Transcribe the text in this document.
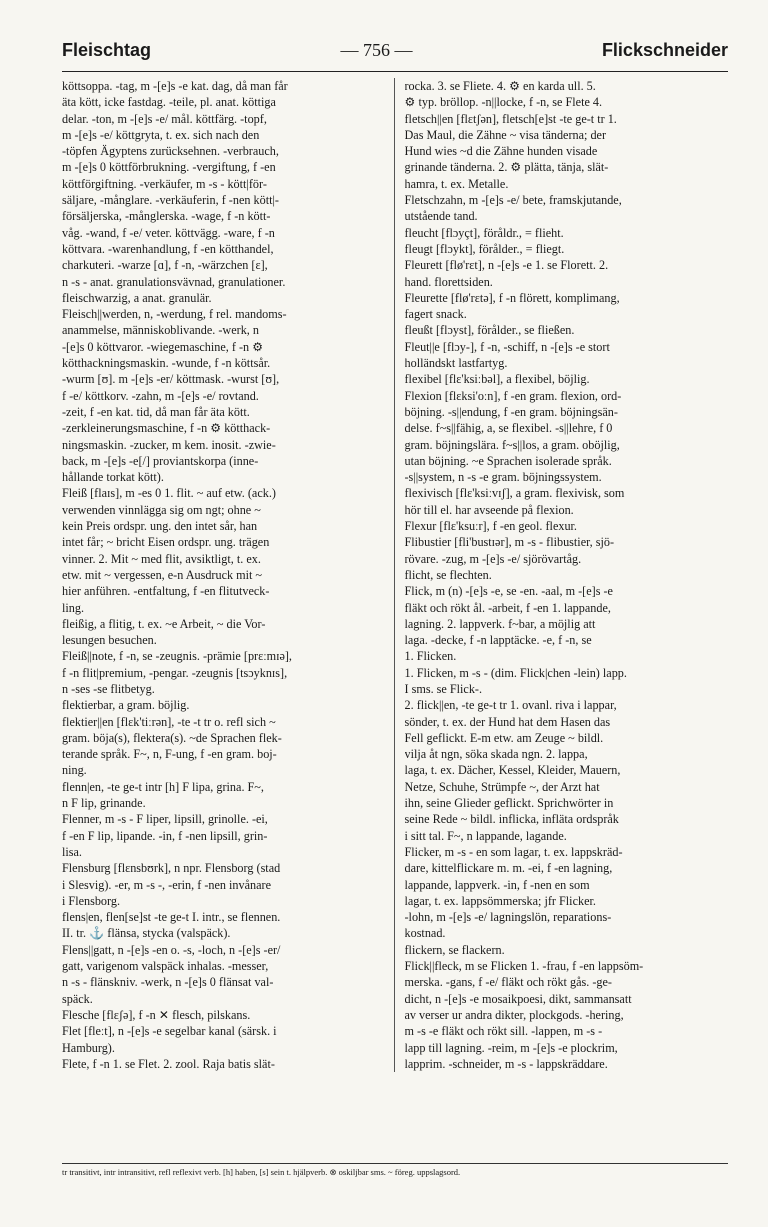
Fleischtag	— 756 —	Flickschneider
köttsoppa. -tag, m -[e]s -e kat. dag, då man får
äta kött, icke fastdag. -teile, pl. anat. köttiga
delar. -ton, m -[e]s -e/ mål. köttfärg. -topf,
m -[e]s -e/ köttgryta, t. ex. sich nach den
-töpfen Ägyptens zurücksehnen. -verbrauch,
m -[e]s 0 köttförbrukning. -vergiftung, f -en
köttförgiftning. -verkäufer, m -s - kött|för-
säljare, -månglare. -verkäuferin, f -nen kött|-
försäljerska, -månglerska. -wage, f -n kött-
våg. -wand, f -e/ veter. köttvägg. -ware, f -n
köttvara. -warenhandlung, f -en kötthandel,
charkuteri. -warze [ɑ], f -n, -wärzchen [ɛ],
n -s - anat. granulationsvävnad, granulationer.
fleischwarzig, a anat. granulär.
Fleisch||werden, n, -werdung, f rel. mandoms-
anammelse, människoblivande. -werk, n
-[e]s 0 köttvaror. -wiegemaschine, f -n ⚙
kötthackningsmaskin. -wunde, f -n köttsår.
-wurm [ʊ]. m -[e]s -er/ köttmask. -wurst [ʊ],
f -e/ köttkorv. -zahn, m -[e]s -e/ rovtand.
-zeit, f -en kat. tid, då man får äta kött.
-zerkleinerungsmaschine, f -n ⚙ kötthack-
ningsmaskin. -zucker, m kem. inosit. -zwie-
back, m -[e]s -e[/] proviantskorpa (inne-
hållande torkat kött).
Fleiß [flaɪs], m -es 0 1. flit. ~ auf etw. (ack.)
verwenden vinnlägga sig om ngt; ohne ~
kein Preis ordspr. ung. den intet sår, han
intet får; ~ bricht Eisen ordspr. ung. trägen
vinner. 2. Mit ~ med flit, avsiktligt, t. ex.
etw. mit ~ vergessen, e-n Ausdruck mit ~
hier anführen. -entfaltung, f -en flitutveck-
ling.
fleißig, a flitig, t. ex. ~e Arbeit, ~ die Vor-
lesungen besuchen.
Fleiß||note, f -n, se -zeugnis. -prämie [prɛːmɪə],
f -n flit|premium, -pengar. -zeugnis [tsɔyknɪs],
n -ses -se flitbetyg.
flektierbar, a gram. böjlig.
flektier||en [flɛk'tiːrən], -te -t tr o. refl sich ~
gram. böja(s), flektera(s). ~de Sprachen flek-
terande språk. F~, n, F-ung, f -en gram. boj-
ning.
flenn|en, -te ge-t intr [h] F lipa, grina. F~,
n F lip, grinande.
Flenner, m -s - F liper, lipsill, grinolle. -ei,
f -en F lip, lipande. -in, f -nen lipsill, grin-
lisa.
Flensburg [flɛnsbʊrk], n npr. Flensborg (stad
i Slesvig). -er, m -s -, -erin, f -nen invånare
i Flensborg.
flens|en, flen[se]st -te ge-t I. intr., se flennen.
II. tr. ⚓ flänsa, stycka (valspäck).
Flens||gatt, n -[e]s -en o. -s, -loch, n -[e]s -er/
gatt, varigenom valspäck inhalas. -messer,
n -s - flänskniv. -werk, n -[e]s 0 flänsat val-
späck.
Flesche [flɛʃə], f -n ✕ flesch, pilskans.
Flet [fleːt], n -[e]s -e segelbar kanal (särsk. i
Hamburg).
Flete, f -n 1. se Flet. 2. zool. Raja batis slät-
rocka. 3. se Fliete. 4. ⚙ en karda ull. 5.
⚙ typ. bröllop. -n||locke, f -n, se Flete 4.
fletsch||en [flɛtʃən], fletsch[e]st -te ge-t tr 1.
Das Maul, die Zähne ~ visa tänderna; der
Hund wies ~d die Zähne hunden visade
grinande tänderna. 2. ⚙ plätta, tänja, slät-
hamra, t. ex. Metalle.
Fletschzahn, m -[e]s -e/ bete, framskjutande,
utstående tand.
fleucht [flɔyçt], föråldr., = flieht.
fleugt [flɔykt], förålder., = fliegt.
Fleurett [flø'rɛt], n -[e]s -e 1. se Florett. 2.
hand. florettsiden.
Fleurette [flø'rɛtə], f -n flörett, komplimang,
fagert snack.
fleußt [flɔyst], förålder., se fließen.
Fleut||e [flɔy-], f -n, -schiff, n -[e]s -e stort
holländskt lastfartyg.
flexibel [flɛ'ksiːbəl], a flexibel, böjlig.
Flexion [flɛksi'oːn], f -en gram. flexion, ord-
böjning. -s||endung, f -en gram. böjningsän-
delse. f~s||fähig, a, se flexibel. -s||lehre, f 0
gram. böjningslära. f~s||los, a gram. oböjlig,
utan böjning. ~e Sprachen isolerade språk.
-s||system, n -s -e gram. böjningssystem.
flexivisch [flɛ'ksiːvɪʃ], a gram. flexivisk, som
hör till el. har avseende på flexion.
Flexur [flɛ'ksuːr], f -en geol. flexur.
Flibustier [fli'bustɪər], m -s - flibustier, sjö-
rövare. -zug, m -[e]s -e/ sjörövartåg.
flicht, se flechten.
Flick, m (n) -[e]s -e, se -en. -aal, m -[e]s -e
fläkt och rökt ål. -arbeit, f -en 1. lappande,
lagning. 2. lappverk. f~bar, a möjlig att
laga. -decke, f -n lapptäcke. -e, f -n, se
1. Flicken.
1. Flicken, m -s - (dim. Flick|chen -lein) lapp.
I sms. se Flick-.
2. flick||en, -te ge-t tr 1. ovanl. riva i lappar,
sönder, t. ex. der Hund hat dem Hasen das
Fell geflickt. E-m etw. am Zeuge ~ bildl.
vilja åt ngn, söka skada ngn. 2. lappa,
laga, t. ex. Dächer, Kessel, Kleider, Mauern,
Netze, Schuhe, Strümpfe ~, der Arzt hat
ihn, seine Glieder geflickt. Sprichwörter in
seine Rede ~ bildl. inflicka, infläta ordspråk
i sitt tal. F~, n lappande, lagande.
Flicker, m -s - en som lagar, t. ex. lappskräd-
dare, kittelflickare m. m. -ei, f -en lagning,
lappande, lappverk. -in, f -nen en som
lagar, t. ex. lappsömmerska; jfr Flicker.
-lohn, m -[e]s -e/ lagningslön, reparations-
kostnad.
flickern, se flackern.
Flick||fleck, m se Flicken 1. -frau, f -en lappsöm-
merska. -gans, f -e/ fläkt och rökt gås. -ge-
dicht, n -[e]s -e mosaikpoesi, dikt, sammansatt
av verser ur andra dikter, plockgods. -hering,
m -s -e fläkt och rökt sill. -lappen, m -s -
lapp till lagning. -reim, m -[e]s -e plockrim,
lapprim. -schneider, m -s - lappskräddare.
tr transitivt, intr intransitivt, refl reflexivt verb. [h] haben, [s] sein t. hjälpverb. ⊗ oskiljbar sms. ~ föreg. uppslagsord.
